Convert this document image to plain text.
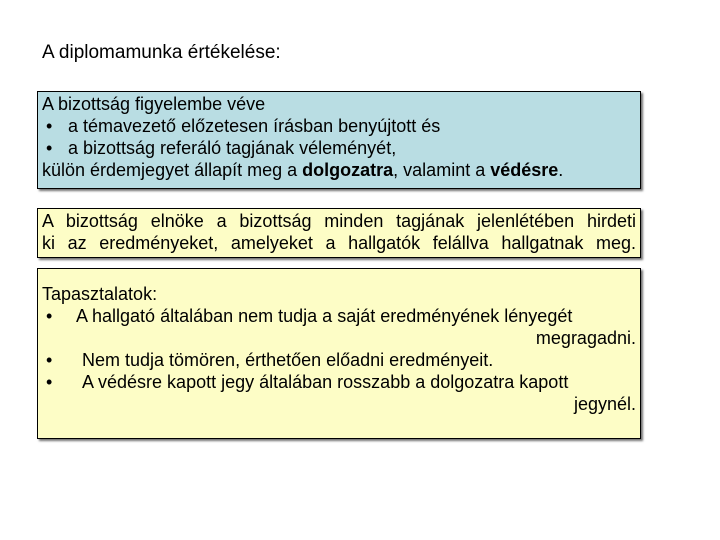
A diplomamunka értékelése:
A bizottság figyelembe véve
• a témavezető előzetesen írásban benyújtott és
• a bizottság referáló tagjának véleményét,
külön érdemjegyet állapít meg a dolgozatra, valamint a védésre.
A bizottság elnöke a bizottság minden tagjának jelenlétében hirdeti
ki az eredményeket, amelyeket a hallgatók felállva hallgatnak meg.
Tapasztalatok:
•	A hallgató általában nem tudja a saját eredményének lényegét
megragadni.
•	Nem tudja tömören, érthetően előadni eredményeit.
•	A védésre kapott jegy általában rosszabb a dolgozatra kapott
jegynél.
